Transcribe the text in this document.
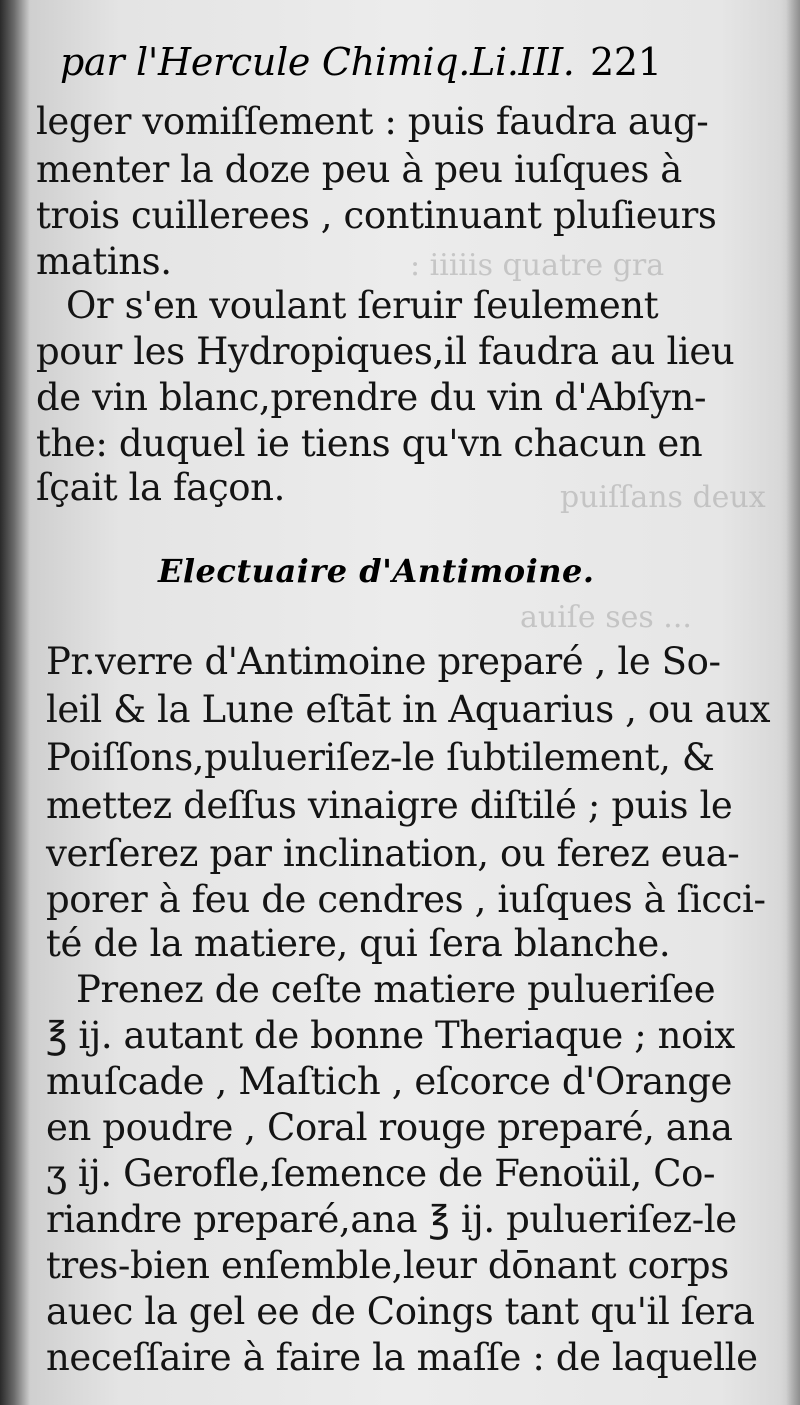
: iiiiis quatre gra
puiſſans deux
auiſe ses ...
par l'Hercule Chimiq.Li.III. 221
leger vomiſſement : puis faudra aug-
menter la doze peu à peu iuſques à
trois cuillerees , continuant pluſieurs
matins.
Or s'en voulant ſeruir ſeulement
pour les Hydropiques,il faudra au lieu
de vin blanc,prendre du vin d'Abſyn-
the: duquel ie tiens qu'vn chacun en
ſçait la façon.
Electuaire d'Antimoine.
Pr.verre d'Antimoine preparé , le So-
leil & la Lune eſtāt in Aquarius , ou aux
Poiſſons,pulueriſez-le ſubtilement, &
mettez deſſus vinaigre diſtilé ; puis le
verſerez par inclination, ou ferez eua-
porer à feu de cendres , iuſques à ſicci-
té de la matiere, qui ſera blanche.
Prenez de ceſte matiere pulueriſee
℥ ij. autant de bonne Theriaque ; noix
muſcade , Maſtich , eſcorce d'Orange
en poudre , Coral rouge preparé, ana
ʒ ij. Gerofle,ſemence de Fenoüil, Co-
riandre preparé,ana ℥ ij. pulueriſez-le
tres-bien enſemble,leur dōnant corps
auec la gel ee de Coings tant qu'il ſera
neceſſaire à faire la maſſe : de laquelle
